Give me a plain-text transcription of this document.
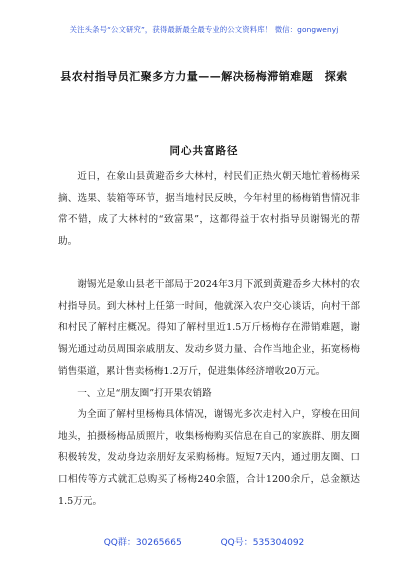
关注头条号“公文研究”，获得最新最全最专业的公文资料库！ 微信：gongwenyj
县农村指导员汇聚多方力量——解决杨梅滞销难题　探索
同心共富路径

近日，在象山县黄避岙乡大林村，村民们正热火朝天地忙着杨梅采摘、选果、装箱等环节，据当地村民反映，今年村里的杨梅销售情况非常不错，成了大林村的“致富果”，这都得益于农村指导员谢锡光的帮助。

谢锡光是象山县老干部局于2024年3月下派到黄避岙乡大林村的农村指导员。到大林村上任第一时间，他就深入农户交心谈话，向村干部和村民了解村庄概况。得知了解村里近1.5万斤杨梅存在滞销难题，谢锡光通过动员周围亲戚朋友、发动乡贤力量、合作当地企业，拓宽杨梅销售渠道，累计售卖杨梅1.2万斤，促进集体经济增收20万元。

一、立足“朋友圈”打开果农销路

为全面了解村里杨梅具体情况，谢锡光多次走村入户，穿梭在田间地头，拍摄杨梅品质照片，收集杨梅购买信息在自己的家族群、朋友圈积极转发，发动身边亲朋好友采购杨梅。短短7天内，通过朋友圈、口口相传等方式就汇总购买了杨梅240余篮，合计1200余斤，总金额达1.5万元。

QQ群：30265665	QQ号：535304092
